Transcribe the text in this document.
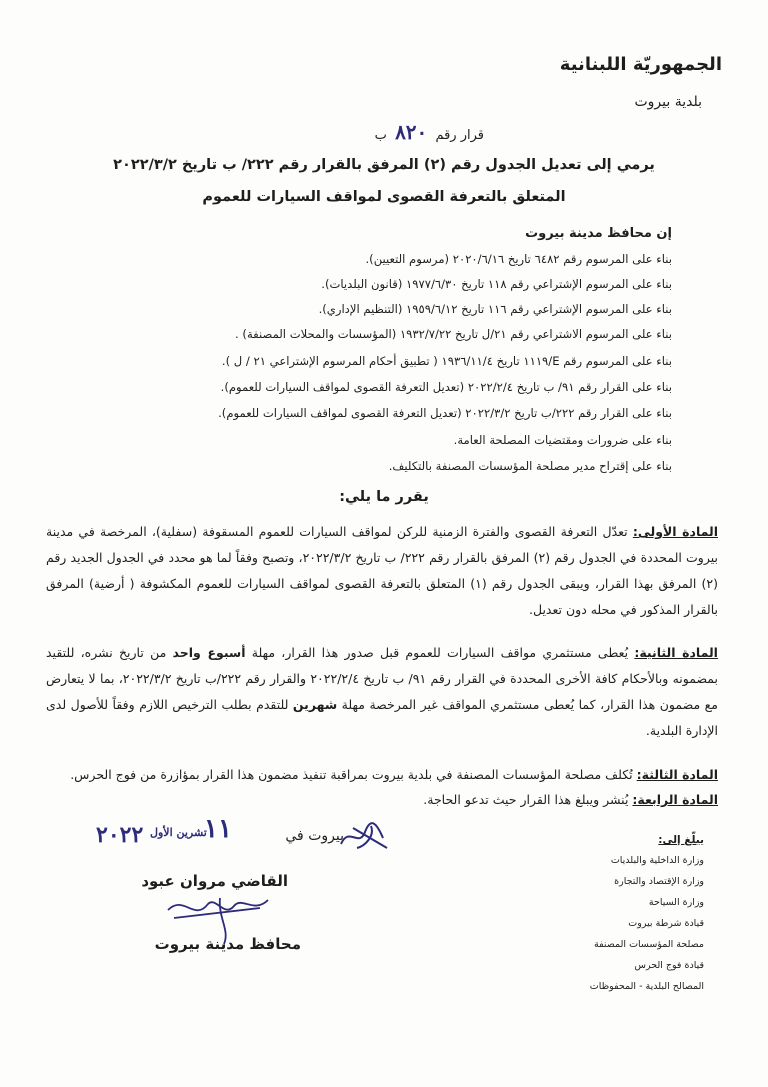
الجمهوريّة اللبنانية
بلدية بيروت
قرار رقم ٨٢٠ ب
يرمي إلى تعديل الجدول رقم (٢) المرفق بالقرار رقم ٢٢٢/ ب تاريخ ٢٠٢٢/٣/٢
المتعلق بالتعرفة القصوى لمواقف السيارات للعموم
إن محافظ مدينة بيروت
بناء على المرسوم رقم ٦٤٨٢ تاريخ ٢٠٢٠/٦/١٦ (مرسوم التعيين).
بناء على المرسوم الإشتراعي رقم ١١٨ تاريخ ١٩٧٧/٦/٣٠ (قانون البلديات).
بناء على المرسوم الإشتراعي رقم ١١٦ تاريخ ١٩٥٩/٦/١٢ (التنظيم الإداري).
بناء على المرسوم الاشتراعي رقم ٢١/ل تاريخ ١٩٣٢/٧/٢٢ (المؤسسات والمحلات المصنفة) .
بناء على المرسوم رقم E/١١١٩ تاريخ ١٩٣٦/١١/٤ ( تطبيق أحكام المرسوم الإشتراعي ٢١ / ل ).
بناء على القرار رقم ٩١/ ب تاريخ ٢٠٢٢/٢/٤ (تعديل التعرفة القصوى لمواقف السيارات للعموم).
بناء على القرار رقم ٢٢٢/ب تاريخ ٢٠٢٢/٣/٢ (تعديل التعرفة القصوى لمواقف السيارات للعموم).
بناء على ضرورات ومقتضيات المصلحة العامة.
بناء على إقتراح مدير مصلحة المؤسسات المصنفة بالتكليف.
يقرر ما يلي:
المادة الأولى: تعدّل التعرفة القصوى والفترة الزمنية للركن لمواقف السيارات للعموم المسقوفة (سفلية)، المرخصة في مدينة بيروت المحددة في الجدول رقم (٢) المرفق بالقرار رقم ٢٢٢/ ب تاريخ ٢٠٢٢/٣/٢، وتصبح وفقاً لما هو محدد في الجدول الجديد رقم (٢) المرفق بهذا القرار، ويبقى الجدول رقم (١) المتعلق بالتعرفة القصوى لمواقف السيارات للعموم المكشوفة ( أرضية) المرفق بالقرار المذكور في محله دون تعديل.
المادة الثانية: يُعطى مستثمري مواقف السيارات للعموم قبل صدور هذا القرار، مهلة أسبوع واحد من تاريخ نشره، للتقيد بمضمونه وبالأحكام كافة الأخرى المحددة في القرار رقم ٩١/ ب تاريخ ٢٠٢٢/٢/٤ والقرار رقم ٢٢٢/ب تاريخ ٢٠٢٢/٣/٢، بما لا يتعارض مع مضمون هذا القرار، كما يُعطى مستثمري المواقف غير المرخصة مهلة شهرين للتقدم بطلب الترخيص اللازم وفقاً للأصول لدى الإدارة البلدية.
المادة الثالثة: تُكلف مصلحة المؤسسات المصنفة في بلدية بيروت بمراقبة تنفيذ مضمون هذا القرار بمؤازرة من فوج الحرس.
المادة الرابعة: يُنشر ويبلغ هذا القرار حيث تدعو الحاجة.
بيروت في
١١
تشرين الأول
٢٠٢٢
القاضي مروان عبود
محافظ مدينة بيروت
يبلّغ إلى:
وزارة الداخلية والبلديات
وزارة الإقتصاد والتجارة
وزارة السياحة
قيادة شرطة بيروت
مصلحة المؤسسات المصنفة
قيادة فوج الحرس
المصالح البلدية - المحفوظات
